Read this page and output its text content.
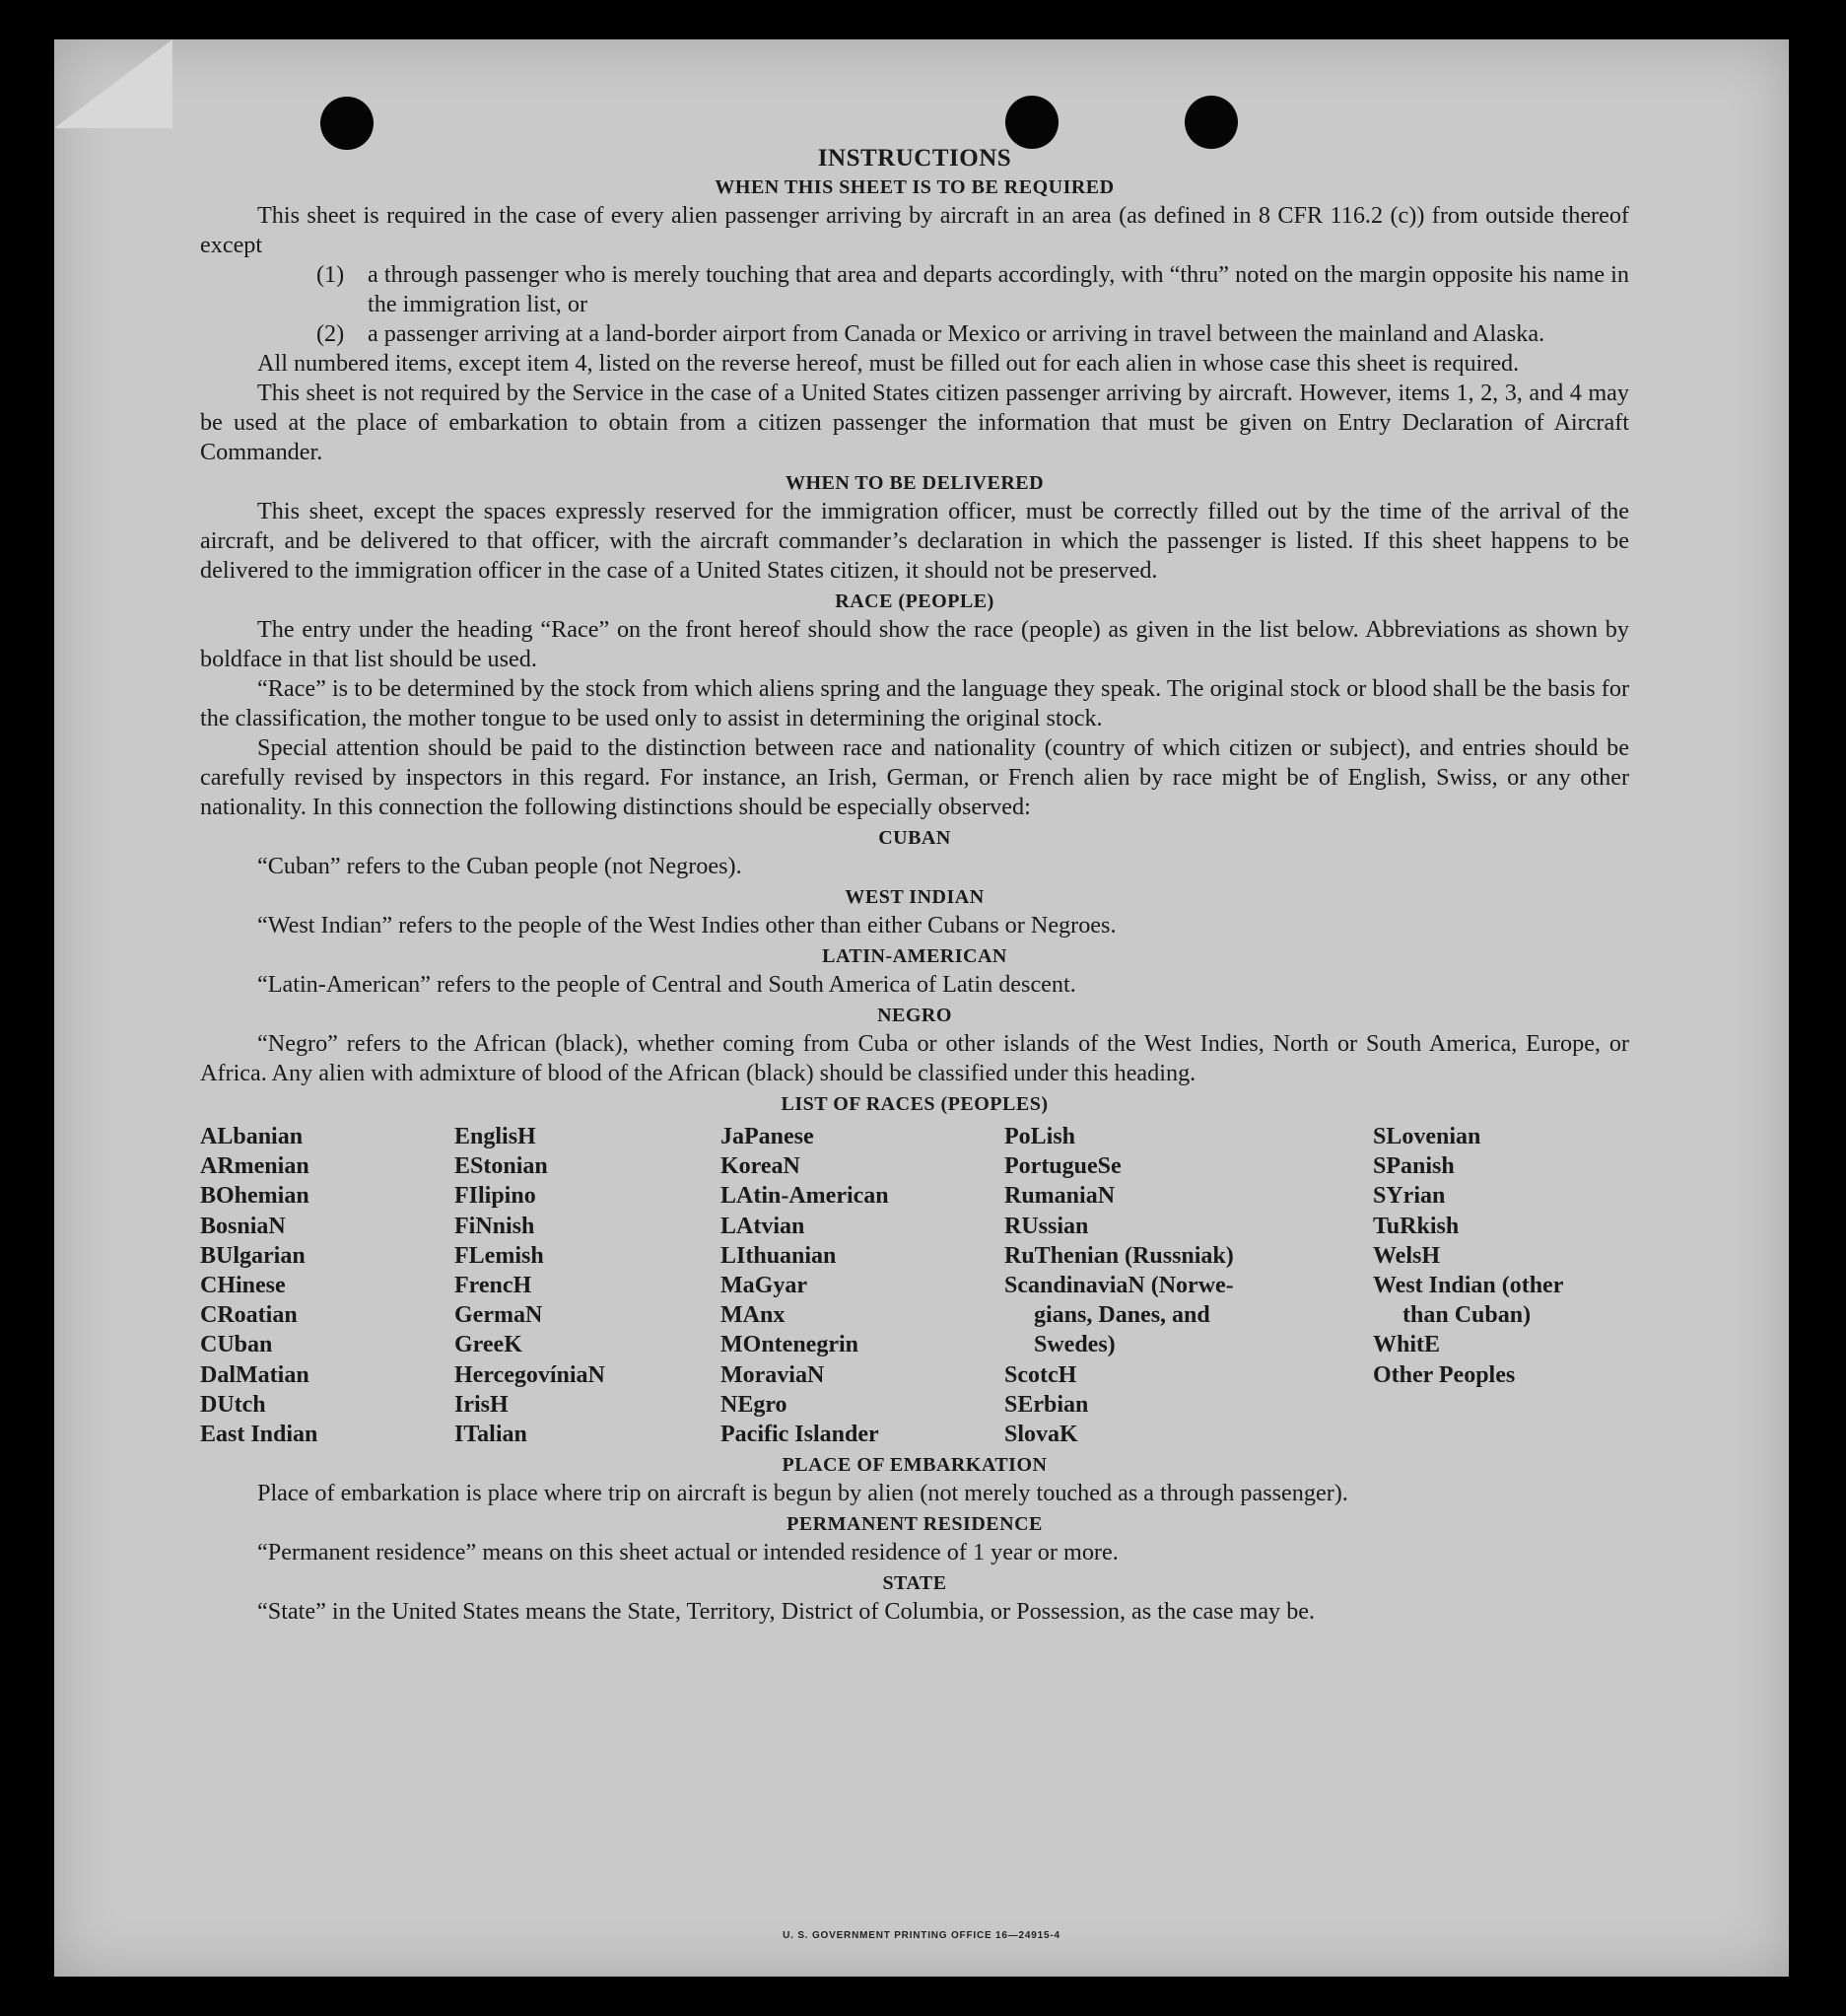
INSTRUCTIONS
WHEN THIS SHEET IS TO BE REQUIRED

This sheet is required in the case of every alien passenger arriving by aircraft in an area (as defined in 8 CFR 116.2 (c)) from outside thereof except

(1) a through passenger who is merely touching that area and departs accordingly, with “thru” noted on the margin opposite his name in the immigration list, or
(2) a passenger arriving at a land-border airport from Canada or Mexico or arriving in travel between the mainland and Alaska.

All numbered items, except item 4, listed on the reverse hereof, must be filled out for each alien in whose case this sheet is required.

This sheet is not required by the Service in the case of a United States citizen passenger arriving by aircraft. However, items 1, 2, 3, and 4 may be used at the place of embarkation to obtain from a citizen passenger the information that must be given on Entry Declaration of Aircraft Commander.

WHEN TO BE DELIVERED

This sheet, except the spaces expressly reserved for the immigration officer, must be correctly filled out by the time of the arrival of the aircraft, and be delivered to that officer, with the aircraft commander’s declaration in which the passenger is listed. If this sheet happens to be delivered to the immigration officer in the case of a United States citizen, it should not be preserved.

RACE (PEOPLE)

The entry under the heading “Race” on the front hereof should show the race (people) as given in the list below. Abbreviations as shown by boldface in that list should be used.

“Race” is to be determined by the stock from which aliens spring and the language they speak. The original stock or blood shall be the basis for the classification, the mother tongue to be used only to assist in determining the original stock.

Special attention should be paid to the distinction between race and nationality (country of which citizen or subject), and entries should be carefully revised by inspectors in this regard. For instance, an Irish, German, or French alien by race might be of English, Swiss, or any other nationality. In this connection the following distinctions should be especially observed:

CUBAN

“Cuban” refers to the Cuban people (not Negroes).

WEST INDIAN

“West Indian” refers to the people of the West Indies other than either Cubans or Negroes.

LATIN-AMERICAN

“Latin-American” refers to the people of Central and South America of Latin descent.

NEGRO

“Negro” refers to the African (black), whether coming from Cuba or other islands of the West Indies, North or South America, Europe, or Africa. Any alien with admixture of blood of the African (black) should be classified under this heading.

LIST OF RACES (PEOPLES)
ALbanian
ARmenian
BOhemian
BosniaN
BUlgarian
CHinese
CRoatian
CUban
DalMatian
DUtch
East Indian
EnglisH
EStonian
FIlipino
FiNnish
FLemish
FrencH
GermaN
GreeK
HercegovíniaN
IrisH
ITalian
JaPanese
KoreaN
LAtin-American
LAtvian
LIthuanian
MaGyar
MAnx
MOntenegrin
MoraviaN
NEgro
Pacific Islander
PoLish
PortugueSe
RumaniaN
RUssian
RuThenian (Russniak)
ScandinaviaN (Norwe-
gians, Danes, and
Swedes)
ScotcH
SErbian
SlovaK
SLovenian
SPanish
SYrian
TuRkish
WelsH
West Indian (other
than Cuban)
WhitE
Other Peoples
PLACE OF EMBARKATION

Place of embarkation is place where trip on aircraft is begun by alien (not merely touched as a through passenger).

PERMANENT RESIDENCE

“Permanent residence” means on this sheet actual or intended residence of 1 year or more.

STATE

“State” in the United States means the State, Territory, District of Columbia, or Possession, as the case may be.

U. S. GOVERNMENT PRINTING OFFICE 16—24915-4
